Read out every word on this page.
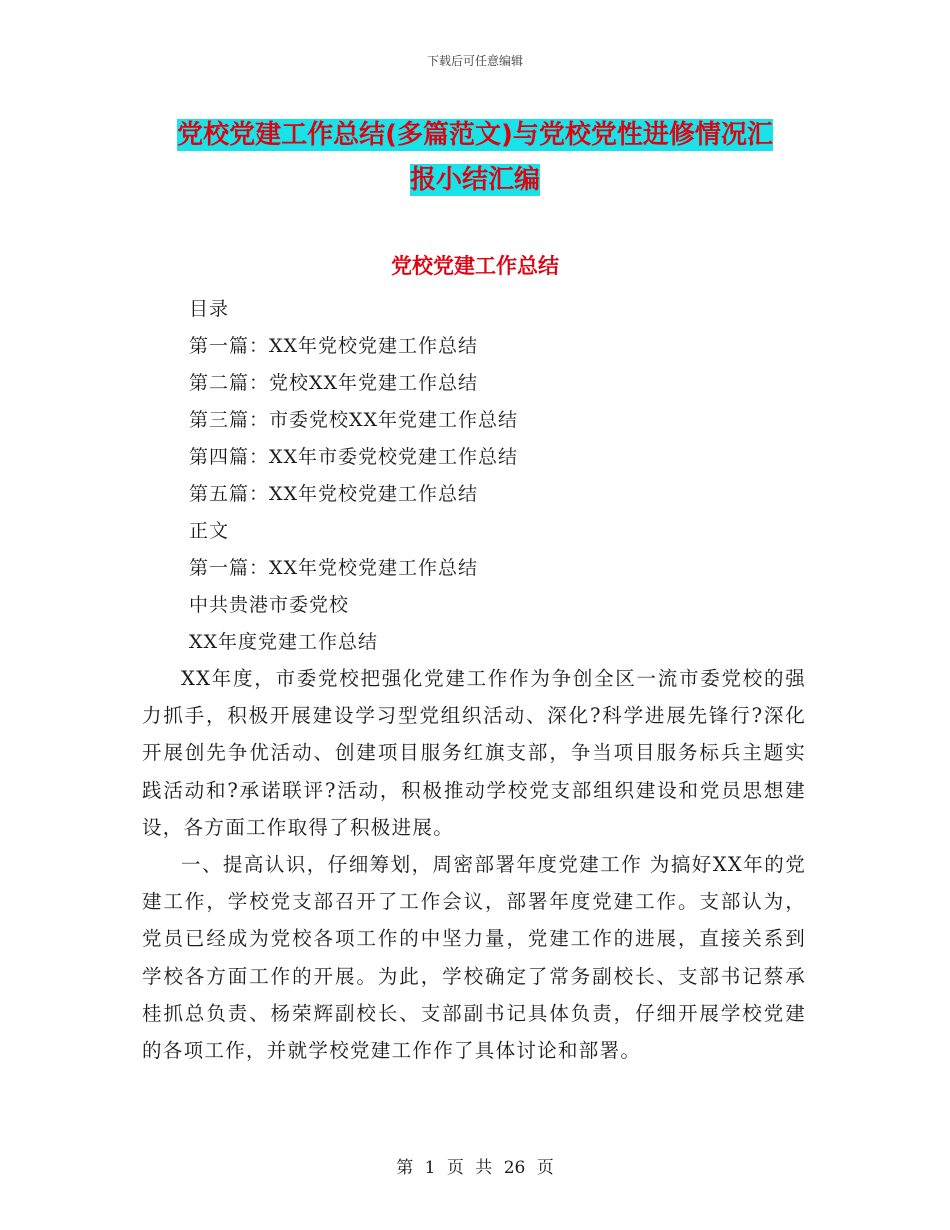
下载后可任意编辑
党校党建工作总结(多篇范文)与党校党性进修情况汇
报小结汇编
党校党建工作总结
目录
第一篇：XX年党校党建工作总结
第二篇：党校XX年党建工作总结
第三篇：市委党校XX年党建工作总结
第四篇：XX年市委党校党建工作总结
第五篇：XX年党校党建工作总结
正文
第一篇：XX年党校党建工作总结
中共贵港市委党校
XX年度党建工作总结

XX年度，市委党校把强化党建工作作为争创全区一流市委党校的强力抓手，积极开展建设学习型党组织活动、深化?科学进展先锋行?深化开展创先争优活动、创建项目服务红旗支部，争当项目服务标兵主题实践活动和?承诺联评?活动，积极推动学校党支部组织建设和党员思想建设，各方面工作取得了积极进展。

一、提高认识，仔细筹划，周密部署年度党建工作 为搞好XX年的党建工作，学校党支部召开了工作会议，部署年度党建工作。支部认为，党员已经成为党校各项工作的中坚力量，党建工作的进展，直接关系到学校各方面工作的开展。为此，学校确定了常务副校长、支部书记蔡承桂抓总负责、杨荣辉副校长、支部副书记具体负责，仔细开展学校党建的各项工作，并就学校党建工作作了具体讨论和部署。

第 1 页 共 26 页
